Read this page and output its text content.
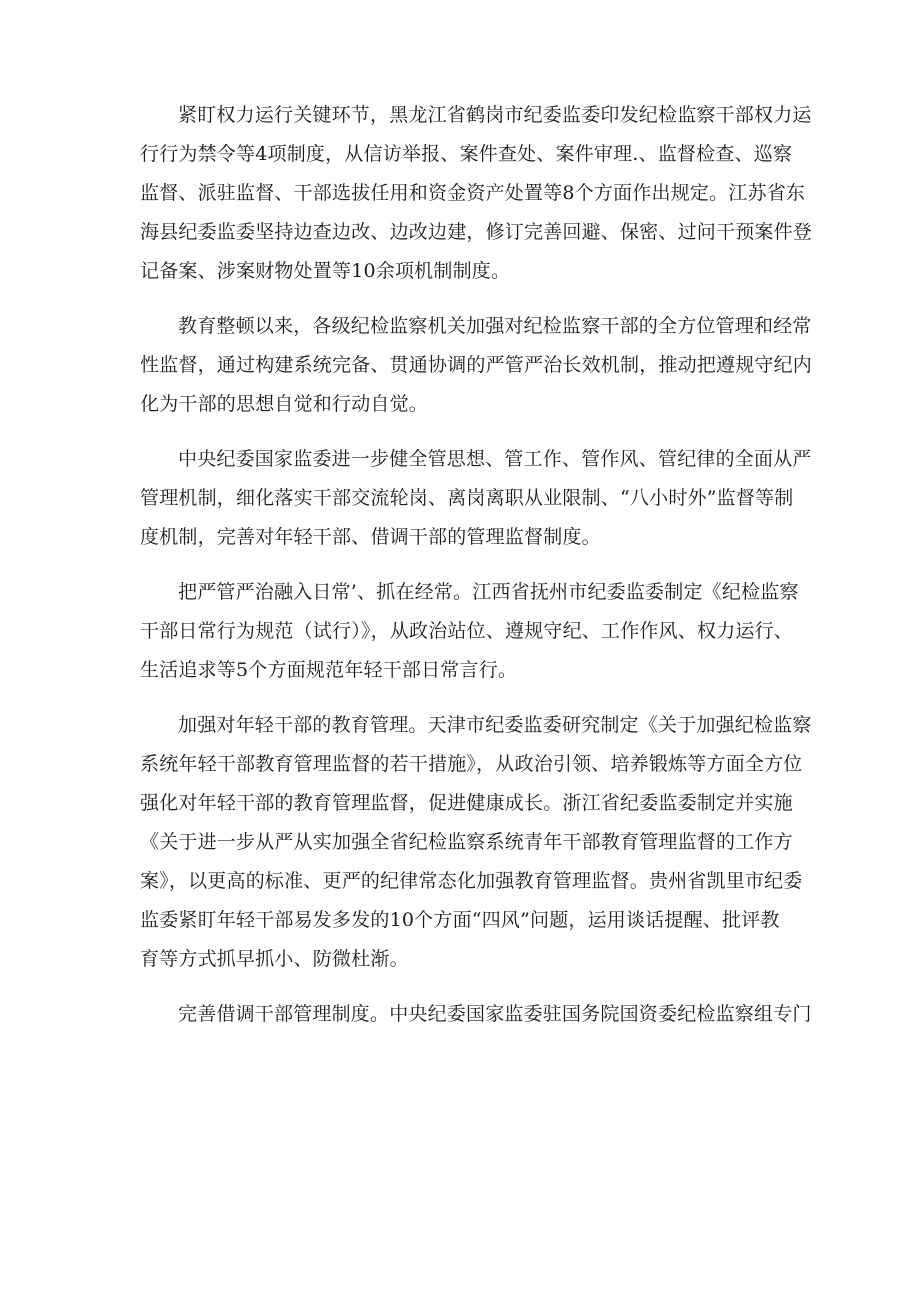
紧盯权力运行关键环节，黑龙江省鹤岗市纪委监委印发纪检监察干部权力运
行行为禁令等4项制度，从信访举报、案件查处、案件审理.、监督检查、巡察
监督、派驻监督、干部选拔任用和资金资产处置等8个方面作出规定。江苏省东
海县纪委监委坚持边查边改、边改边建，修订完善回避、保密、过问干预案件登
记备案、涉案财物处置等10余项机制制度。
教育整顿以来，各级纪检监察机关加强对纪检监察干部的全方位管理和经常
性监督，通过构建系统完备、贯通协调的严管严治长效机制，推动把遵规守纪内
化为干部的思想自觉和行动自觉。
中央纪委国家监委进一步健全管思想、管工作、管作风、管纪律的全面从严
管理机制，细化落实干部交流轮岗、离岗离职从业限制、“八小时外”监督等制
度机制，完善对年轻干部、借调干部的管理监督制度。
把严管严治融入日常’、抓在经常。江西省抚州市纪委监委制定《纪检监察
干部日常行为规范（试行）》，从政治站位、遵规守纪、工作作风、权力运行、
生活追求等5个方面规范年轻干部日常言行。
加强对年轻干部的教育管理。天津市纪委监委研究制定《关于加强纪检监察
系统年轻干部教育管理监督的若干措施》，从政治引领、培养锻炼等方面全方位
强化对年轻干部的教育管理监督，促进健康成长。浙江省纪委监委制定并实施
《关于进一步从严从实加强全省纪检监察系统青年干部教育管理监督的工作方
案》，以更高的标准、更严的纪律常态化加强教育管理监督。贵州省凯里市纪委
监委紧盯年轻干部易发多发的10个方面“四风”问题，运用谈话提醒、批评教
育等方式抓早抓小、防微杜渐。
完善借调干部管理制度。中央纪委国家监委驻国务院国资委纪检监察组专门
